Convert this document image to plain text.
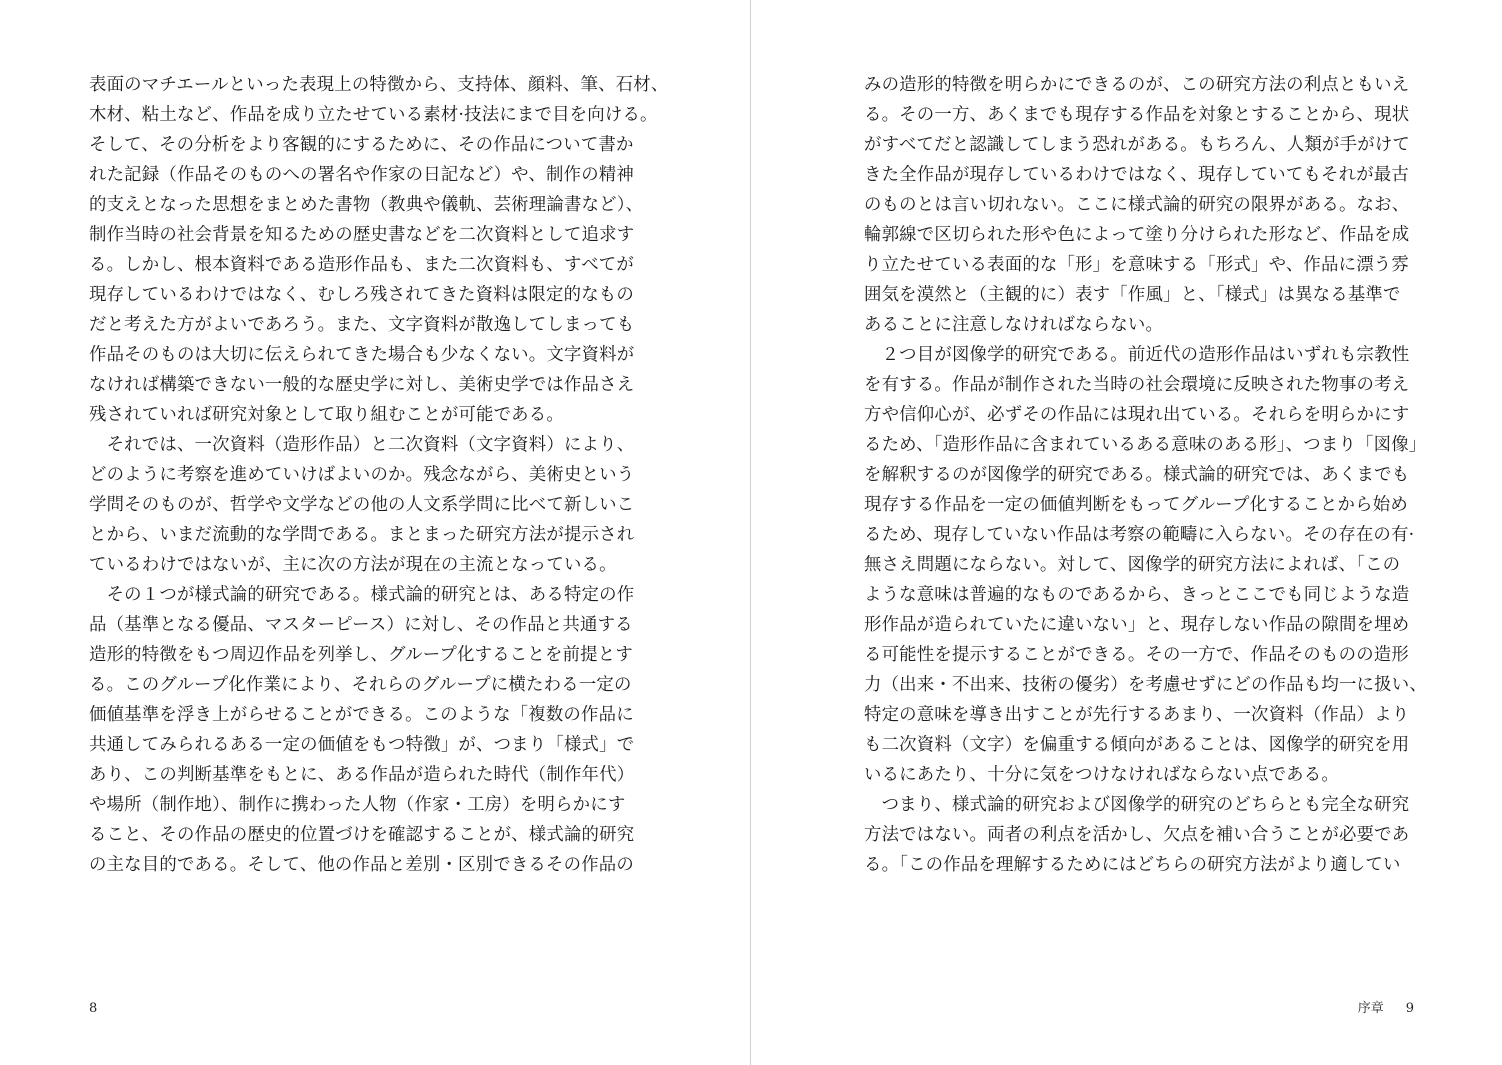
表面のマチエールといった表現上の特徴から、支持体、顔料、筆、石材、
木材、粘土など、作品を成り立たせている素材·技法にまで目を向ける。
そして、その分析をより客観的にするために、その作品について書か
れた記録（作品そのものへの署名や作家の日記など）や、制作の精神
的支えとなった思想をまとめた書物（教典や儀軌、芸術理論書など）、
制作当時の社会背景を知るための歴史書などを二次資料として追求す
る。しかし、根本資料である造形作品も、また二次資料も、すべてが
現存しているわけではなく、むしろ残されてきた資料は限定的なもの
だと考えた方がよいであろう。また、文字資料が散逸してしまっても
作品そのものは大切に伝えられてきた場合も少なくない。文字資料が
なければ構築できない一般的な歴史学に対し、美術史学では作品さえ
残されていれば研究対象として取り組むことが可能である。
　それでは、一次資料（造形作品）と二次資料（文字資料）により、
どのように考察を進めていけばよいのか。残念ながら、美術史という
学問そのものが、哲学や文学などの他の人文系学問に比べて新しいこ
とから、いまだ流動的な学問である。まとまった研究方法が提示され
ているわけではないが、主に次の方法が現在の主流となっている。
　その１つが様式論的研究である。様式論的研究とは、ある特定の作
品（基準となる優品、マスターピース）に対し、その作品と共通する
造形的特徴をもつ周辺作品を列挙し、グループ化することを前提とす
る。このグループ化作業により、それらのグループに横たわる一定の
価値基準を浮き上がらせることができる。このような「複数の作品に
共通してみられるある一定の価値をもつ特徴」が、つまり「様式」で
あり、この判断基準をもとに、ある作品が造られた時代（制作年代）
や場所（制作地）、制作に携わった人物（作家・工房）を明らかにす
ること、その作品の歴史的位置づけを確認することが、様式論的研究
の主な目的である。そして、他の作品と差別・区別できるその作品の
8
みの造形的特徴を明らかにできるのが、この研究方法の利点ともいえ
る。その一方、あくまでも現存する作品を対象とすることから、現状
がすべてだと認識してしまう恐れがある。もちろん、人類が手がけて
きた全作品が現存しているわけではなく、現存していてもそれが最古
のものとは言い切れない。ここに様式論的研究の限界がある。なお、
輪郭線で区切られた形や色によって塗り分けられた形など、作品を成
り立たせている表面的な「形」を意味する「形式」や、作品に漂う雰
囲気を漠然と（主観的に）表す「作風」と、「様式」は異なる基準で
あることに注意しなければならない。
　２つ目が図像学的研究である。前近代の造形作品はいずれも宗教性
を有する。作品が制作された当時の社会環境に反映された物事の考え
方や信仰心が、必ずその作品には現れ出ている。それらを明らかにす
るため、「造形作品に含まれているある意味のある形」、つまり「図像」
を解釈するのが図像学的研究である。様式論的研究では、あくまでも
現存する作品を一定の価値判断をもってグループ化することから始め
るため、現存していない作品は考察の範疇に入らない。その存在の有·
無さえ問題にならない。対して、図像学的研究方法によれば、「この
ような意味は普遍的なものであるから、きっとここでも同じような造
形作品が造られていたに違いない」と、現存しない作品の隙間を埋め
る可能性を提示することができる。その一方で、作品そのものの造形
力（出来・不出来、技術の優劣）を考慮せずにどの作品も均一に扱い、
特定の意味を導き出すことが先行するあまり、一次資料（作品）より
も二次資料（文字）を偏重する傾向があることは、図像学的研究を用
いるにあたり、十分に気をつけなければならない点である。
　つまり、様式論的研究および図像学的研究のどちらとも完全な研究
方法ではない。両者の利点を活かし、欠点を補い合うことが必要であ
る。「この作品を理解するためにはどちらの研究方法がより適してい
序章 9
